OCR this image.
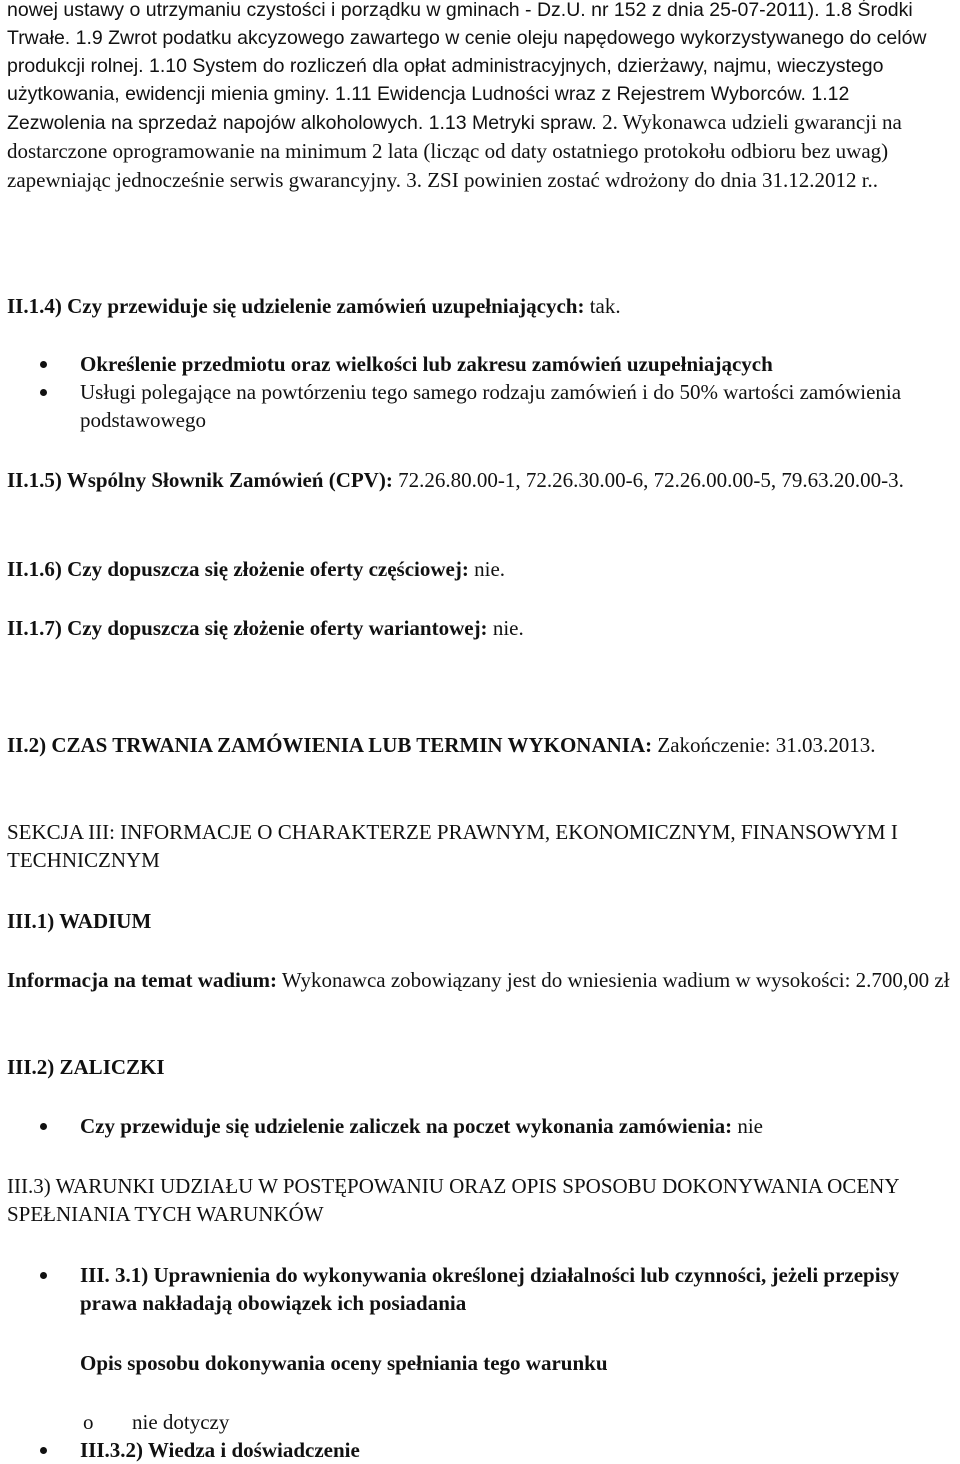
nowej ustawy o utrzymaniu czystości i porządku w gminach - Dz.U. nr 152 z dnia 25-07-2011). 1.8 Środki Trwałe. 1.9 Zwrot podatku akcyzowego zawartego w cenie oleju napędowego wykorzystywanego do celów produkcji rolnej. 1.10 System do rozliczeń dla opłat administracyjnych, dzierżawy, najmu, wieczystego użytkowania, ewidencji mienia gminy. 1.11 Ewidencja Ludności wraz z Rejestrem Wyborców. 1.12 Zezwolenia na sprzedaż napojów alkoholowych. 1.13 Metryki spraw. 2. Wykonawca udzieli gwarancji na dostarczone oprogramowanie na minimum 2 lata (licząc od daty ostatniego protokołu odbioru bez uwag) zapewniając jednocześnie serwis gwarancyjny. 3. ZSI powinien zostać wdrożony do dnia 31.12.2012 r..

II.1.4) Czy przewiduje się udzielenie zamówień uzupełniających: tak.

Określenie przedmiotu oraz wielkości lub zakresu zamówień uzupełniających
Usługi polegające na powtórzeniu tego samego rodzaju zamówień i do 50% wartości zamówienia podstawowego

II.1.5) Wspólny Słownik Zamówień (CPV): 72.26.80.00-1, 72.26.30.00-6, 72.26.00.00-5, 79.63.20.00-3.

II.1.6) Czy dopuszcza się złożenie oferty częściowej: nie.

II.1.7) Czy dopuszcza się złożenie oferty wariantowej: nie.

II.2) CZAS TRWANIA ZAMÓWIENIA LUB TERMIN WYKONANIA: Zakończenie: 31.03.2013.

SEKCJA III: INFORMACJE O CHARAKTERZE PRAWNYM, EKONOMICZNYM, FINANSOWYM I TECHNICZNYM

III.1) WADIUM

Informacja na temat wadium: Wykonawca zobowiązany jest do wniesienia wadium w wysokości: 2.700,00 zł

III.2) ZALICZKI

Czy przewiduje się udzielenie zaliczek na poczet wykonania zamówienia: nie

III.3) WARUNKI UDZIAŁU W POSTĘPOWANIU ORAZ OPIS SPOSOBU DOKONYWANIA OCENY SPEŁNIANIA TYCH WARUNKÓW

III. 3.1) Uprawnienia do wykonywania określonej działalności lub czynności, jeżeli przepisy prawa nakładają obowiązek ich posiadania

Opis sposobu dokonywania oceny spełniania tego warunku

o nie dotyczy
III.3.2) Wiedza i doświadczenie
